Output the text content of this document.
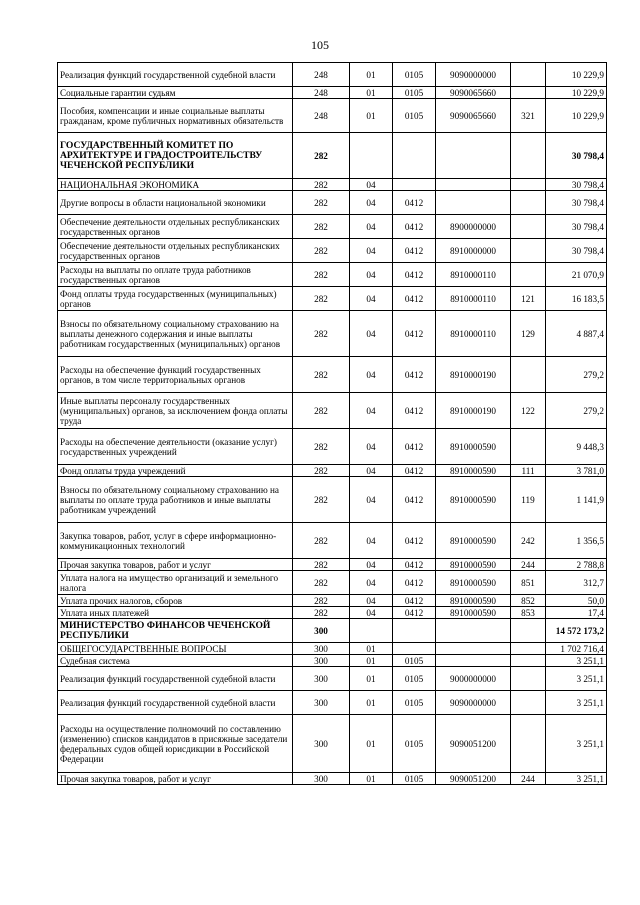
105
Реализация функций государственной судебной власти	248	01	0105	9090000000		10 229,9
Социальные гарантии судьям	248	01	0105	9090065660		10 229,9
Пособия, компенсации и иные социальные выплаты гражданам, кроме публичных нормативных обязательств	248	01	0105	9090065660	321	10 229,9
ГОСУДАРСТВЕННЫЙ КОМИТЕТ ПО АРХИТЕКТУРЕ И ГРАДОСТРОИТЕЛЬСТВУ ЧЕЧЕНСКОЙ РЕСПУБЛИКИ	282					30 798,4
НАЦИОНАЛЬНАЯ ЭКОНОМИКА	282	04				30 798,4
Другие вопросы в области национальной экономики	282	04	0412			30 798,4
Обеспечение деятельности отдельных республиканских государственных органов	282	04	0412	8900000000		30 798,4
Обеспечение деятельности отдельных республиканских государственных органов	282	04	0412	8910000000		30 798,4
Расходы на выплаты по оплате труда работников государственных органов	282	04	0412	8910000110		21 070,9
Фонд оплаты труда государственных (муниципальных) органов	282	04	0412	8910000110	121	16 183,5
Взносы по обязательному социальному страхованию на выплаты денежного содержания и иные выплаты работникам государственных (муниципальных) органов	282	04	0412	8910000110	129	4 887,4
Расходы на обеспечение функций государственных органов, в том числе территориальных органов	282	04	0412	8910000190		279,2
Иные выплаты персоналу государственных (муниципальных) органов, за исключением фонда оплаты труда	282	04	0412	8910000190	122	279,2
Расходы на обеспечение деятельности (оказание услуг) государственных учреждений	282	04	0412	8910000590		9 448,3
Фонд оплаты труда учреждений	282	04	0412	8910000590	111	3 781,0
Взносы по обязательному социальному страхованию на выплаты по оплате труда работников и иные выплаты работникам учреждений	282	04	0412	8910000590	119	1 141,9
Закупка товаров, работ, услуг в сфере информационно-коммуникационных технологий	282	04	0412	8910000590	242	1 356,5
Прочая закупка товаров, работ и услуг	282	04	0412	8910000590	244	2 788,8
Уплата налога на имущество организаций и земельного налога	282	04	0412	8910000590	851	312,7
Уплата прочих налогов, сборов	282	04	0412	8910000590	852	50,0
Уплата иных платежей	282	04	0412	8910000590	853	17,4
МИНИСТЕРСТВО ФИНАНСОВ ЧЕЧЕНСКОЙ РЕСПУБЛИКИ	300					14 572 173,2
ОБЩЕГОСУДАРСТВЕННЫЕ ВОПРОСЫ	300	01				1 702 716,4
Судебная система	300	01	0105			3 251,1
Реализация функций государственной судебной власти	300	01	0105	9000000000		3 251,1
Реализация функций государственной судебной власти	300	01	0105	9090000000		3 251,1
Расходы на осуществление полномочий по составлению (изменению) списков кандидатов в присяжные заседатели федеральных судов общей юрисдикции в Российской Федерации	300	01	0105	9090051200		3 251,1
Прочая закупка товаров, работ и услуг	300	01	0105	9090051200	244	3 251,1
